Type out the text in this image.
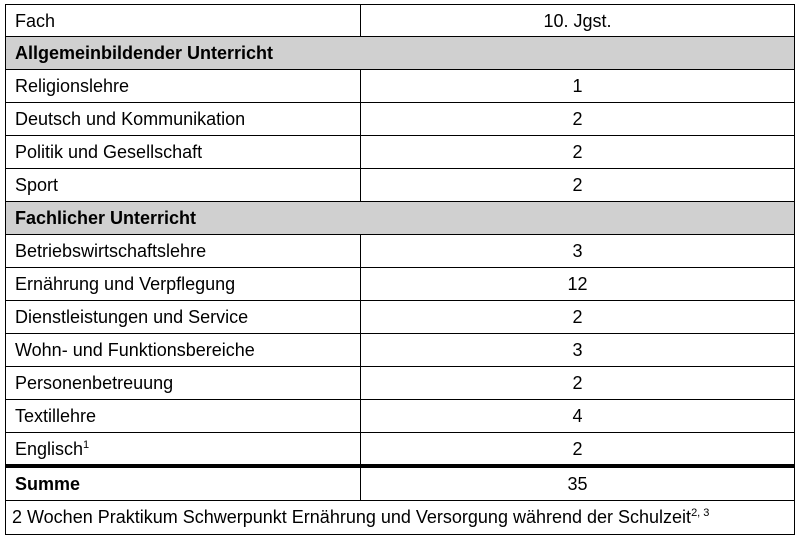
Fach	10. Jgst.
Allgemeinbildender Unterricht
Religionslehre	1
Deutsch und Kommunikation	2
Politik und Gesellschaft	2
Sport	2
Fachlicher Unterricht
Betriebswirtschaftslehre	3
Ernährung und Verpflegung	12
Dienstleistungen und Service	2
Wohn- und Funktionsbereiche	3
Personenbetreuung	2
Textillehre	4
Englisch$^1$	2
Summe	35
2 Wochen Praktikum Schwerpunkt Ernährung und Versorgung während der Schulzeit$^{2, 3}$
